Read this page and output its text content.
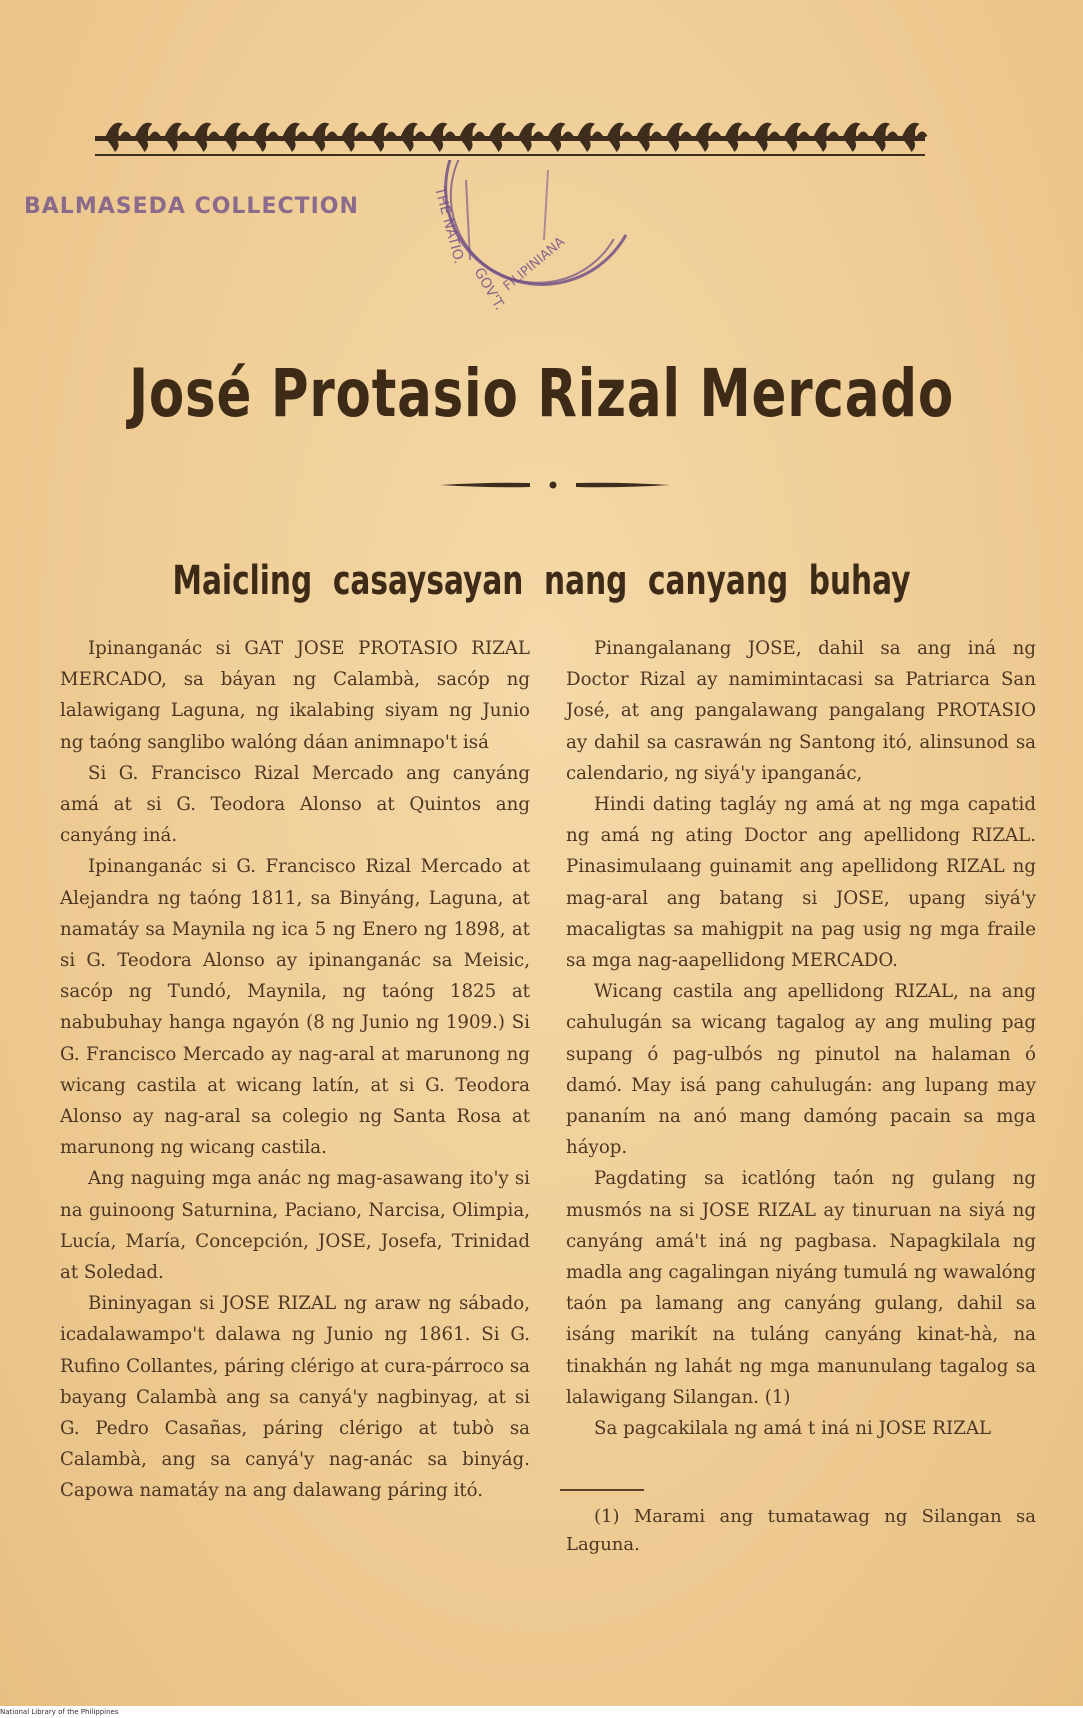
BALMASEDA COLLECTION	THE NATIO.
GOV'T.
FILIPINIANA
José Protasio Rizal Mercado
Maicling casaysayan nang canyang buhay

Ipinanganác si GAT JOSE PROTASIO RIZAL MERCADO, sa báyan ng Calambà, sacóp ng lalawigang Laguna, ng ikalabing siyam ng Junio ng taóng sanglibo walóng dáan animnapo't isá

Si G. Francisco Rizal Mercado ang canyáng amá at si G. Teodora Alonso at Quintos ang canyáng iná.

Ipinanganác si G. Francisco Rizal Mercado at Alejandra ng taóng 1811, sa Binyáng, Laguna, at namatáy sa Maynila ng ica 5 ng Enero ng 1898, at si G. Teodora Alonso ay ipinanganác sa Meisic, sacóp ng Tundó, Maynila, ng taóng 1825 at nabubuhay hanga ngayón (8 ng Junio ng 1909.) Si G. Francisco Mercado ay nag-aral at marunong ng wicang castila at wicang latín, at si G. Teodora Alonso ay nag-aral sa colegio ng Santa Rosa at marunong ng wicang castila.

Ang naguing mga anác ng mag-asawang ito'y si na guinoong Saturnina, Paciano, Narcisa, Olimpia, Lucía, María, Concepción, JOSE, Josefa, Trinidad at Soledad.

Bininyagan si JOSE RIZAL ng araw ng sábado, icadalawampo't dalawa ng Junio ng 1861. Si G. Rufino Collantes, páring clérigo at cura-párroco sa bayang Calambà ang sa canyá'y nagbinyag, at si G. Pedro Casañas, páring clérigo at tubò sa Calambà, ang sa canyá'y nag-anác sa binyág. Capowa namatáy na ang dalawang páring itó.

Pinangalanang JOSE, dahil sa ang iná ng Doctor Rizal ay namimintacasi sa Patriarca San José, at ang pangalawang pangalang PROTASIO ay dahil sa casrawán ng Santong itó, alinsunod sa calendario, ng siyá'y ipanganác,

Hindi dating tagláy ng amá at ng mga capatid ng amá ng ating Doctor ang apellidong RIZAL. Pinasimulaang guinamit ang apellidong RIZAL ng mag-aral ang batang si JOSE, upang siyá'y macaligtas sa mahigpit na pag usig ng mga fraile sa mga nag-aapellidong MERCADO.

Wicang castila ang apellidong RIZAL, na ang cahulugán sa wicang tagalog ay ang muling pag supang ó pag-ulbós ng pinutol na halaman ó damó. May isá pang cahulugán: ang lupang may pananím na anó mang damóng pacain sa mga háyop.

Pagdating sa icatlóng taón ng gulang ng musmós na si JOSE RIZAL ay tinuruan na siyá ng canyáng amá't iná ng pagbasa. Napagkilala ng madla ang cagalingan niyáng tumulá ng wawalóng taón pa lamang ang canyáng gulang, dahil sa isáng marikít na tuláng canyáng kinat-hà, na tinakhán ng lahát ng mga manunulang tagalog sa lalawigang Silangan. (1)

Sa pagcakilala ng amá t iná ni JOSE RIZAL

(1) Marami ang tumatawag ng Silangan sa Laguna.

National Library of the Philippines
